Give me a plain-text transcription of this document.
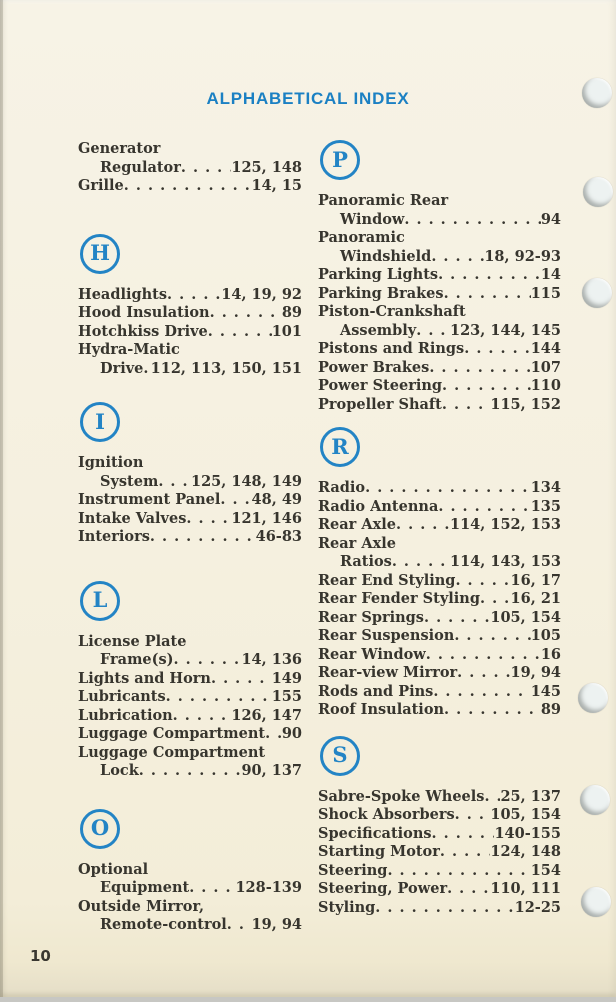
ALPHABETICAL INDEX
Generator
Regulator . . .	125, 148
Grille . . .	14, 15
H
Headlights . . .	14, 19, 92
Hood Insulation . . .	89
Hotchkiss Drive . . .	101
Hydra-Matic
Drive . . . 112, 113, 150, 151
I
Ignition
System . . . 125, 148, 149
Instrument Panel . . . 48, 49
Intake Valves . . .	121, 146
Interiors . . .	46-83
L
License Plate
Frame(s) . . .	14, 136
Lights and Horn . . .	149
Lubricants . . .	155
Lubrication . . .	126, 147
Luggage Compartment . . . 90
Luggage Compartment
Lock . . .	90, 137
O
Optional
Equipment . . .	128-139
Outside Mirror,
Remote-control . . . 19, 94
P
Panoramic Rear
Window . . .	94
Panoramic
Windshield . . .	18, 92-93
Parking Lights . . .	14
Parking Brakes . . .	115
Piston-Crankshaft
Assembly . . . 123, 144, 145
Pistons and Rings . . .	144
Power Brakes . . .	107
Power Steering . . .	110
Propeller Shaft . . .	115, 152
R
Radio . . .	134
Radio Antenna . . .	135
Rear Axle . . .	114, 152, 153
Rear Axle
Ratios . . .	114, 143, 153
Rear End Styling . . .	16, 17
Rear Fender Styling . . . 16, 21
Rear Springs . . .	105, 154
Rear Suspension . . .	105
Rear Window . . .	16
Rear-view Mirror . . .	19, 94
Rods and Pins . . .	145
Roof Insulation . . .	89
S
Sabre-Spoke Wheels . . . 25, 137
Shock Absorbers . . . 105, 154
Specifications . . .	140-155
Starting Motor . . .	124, 148
Steering . . .	154
Steering, Power . . .	110, 111
Styling . . .	12-25
10
